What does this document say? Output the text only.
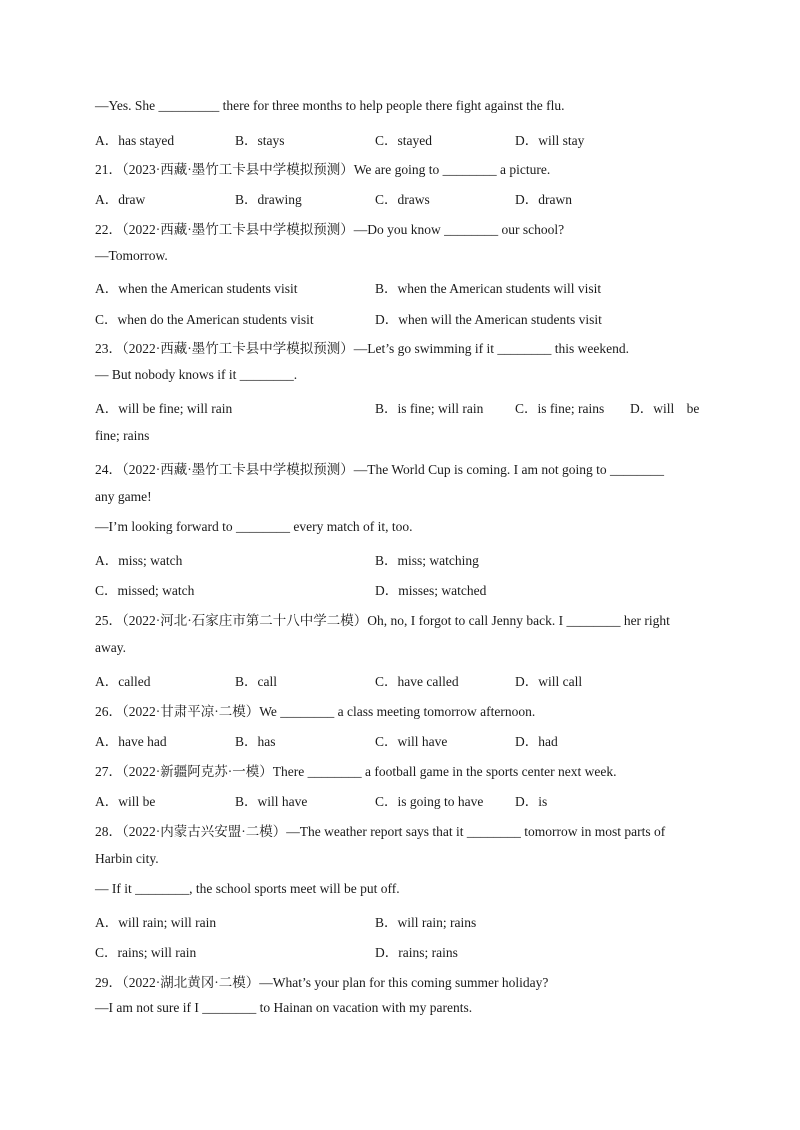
—Yes. She _________ there for three months to help people there fight against the flu.
A．has stayed	B．stays	C．stayed	D．will stay
21．（2023·西藏·墨竹工卡县中学模拟预测）We are going to ________ a picture.
A．draw	B．drawing	C．draws	D．drawn
22．（2022·西藏·墨竹工卡县中学模拟预测）—Do you know ________ our school?
—Tomorrow.
A．when the American students visit	B．when the American students will visit
C．when do the American students visit	D．when will the American students visit
23．（2022·西藏·墨竹工卡县中学模拟预测）—Let’s go swimming if it ________ this weekend.
— But nobody knows if it ________.
A．will be fine; will rain	B．is fine; will rain C．is fine; rains D．will be
fine; rains
24．（2022·西藏·墨竹工卡县中学模拟预测）—The World Cup is coming. I am not going to ________
any game!
—I’m looking forward to ________ every match of it, too.
A．miss; watch	B．miss; watching
C．missed; watch	D．misses; watched
25．（2022·河北·石家庄市第二十八中学二模）Oh, no, I forgot to call Jenny back. I ________ her right
away.
A．called	B．call	C．have called	D．will call
26．（2022·甘肃平凉·二模）We ________ a class meeting tomorrow afternoon.
A．have had	B．has	C．will have	D．had
27．（2022·新疆阿克苏·一模）There ________ a football game in the sports center next week.
A．will be	B．will have	C．is going to have D．is
28．（2022·内蒙古兴安盟·二模）—The weather report says that it ________ tomorrow in most parts of
Harbin city.
— If it ________, the school sports meet will be put off.
A．will rain; will rain	B．will rain; rains
C．rains; will rain	D．rains; rains
29．（2022·湖北黄冈·二模）—What’s your plan for this coming summer holiday?
—I am not sure if I ________ to Hainan on vacation with my parents.
